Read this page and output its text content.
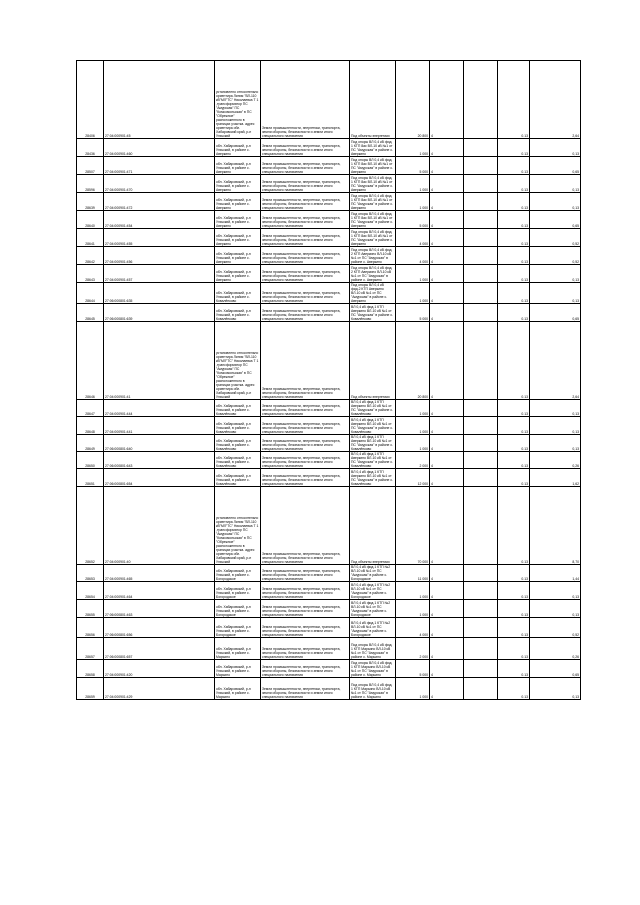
28406	27:04:000901:45	установлено относительно ориентира Линия "ВЛ-110 кВ"МЛ"ТС" Николаевка Т 1 ,трансформатор ПС "Амурская" ПС "Комсомольская" в ПС "Обрежное" расположенного в границах участка. адрес ориентира обл. Хабаровский край, р-н Ульчский	Земли промышленности, энергетики, транспорта, земли обороны, безопасности и земли иного специального назначения	Под объекты энергетики	20 800	4		0.13	2,64
28436	27:04:000901:460	обл. Хабаровский, р-н Ульчский, в районе с. Аверкино	Земли промышленности, энергетики, транспорта, земли обороны, безопасности и земли иного специального назначения	Под опоры ВЛ 0,4 кВ фид. 1 КТП 8ас ВЛ-10 кВ №1 от ПС "Амурская" в районе с. Аверкино	1 000	4		0.13	0,13
28507	27:04:000901:471	обл. Хабаровский, р-н Ульчский, в районе с. Аверкино	Земли промышленности, энергетики, транспорта, земли обороны, безопасности и земли иного специального назначения	Под опоры ВЛ 0,4 кВ фид. 1 КТП 8ас ВЛ-10 кВ №1 от ПС "Амурская" в районе с. Аверкино	5 000	4		0.13	0,65
28596	27:04:000901:470	обл. Хабаровский, р-н Ульчский, в районе с. Аверкино	Земли промышленности, энергетики, транспорта, земли обороны, безопасности и земли иного специального назначения	Под опоры ВЛ 0,4 кВ фид. 1 КТП 8ас ВЛ-10 кВ №1 от ПС "Амурская" в районе с. Аверкино	1 000	4		0.13	0,13
28639	27:04:000901:472	обл. Хабаровский, р-н Ульчский, в районе с. Аверкино	Земли промышленности, энергетики, транспорта, земли обороны, безопасности и земли иного специального назначения	Под опоры ВЛ 0,4 кВ фид. 1 КТП 8ас ВЛ-10 кВ №1 от ПС "Амурская" в районе с. Аверкино	1 000	4		0.13	0,13
28640	27:04:000901:454	обл. Хабаровский, р-н Ульчский, в районе с. Аверкино	Земли промышленности, энергетики, транспорта, земли обороны, безопасности и земли иного специального назначения	Под опоры ВЛ 0,4 кВ фид. 1 КТП 8ас ВЛ-10 кВ №1 от ПС "Амурская" в районе с. Аверкино	5 000	4		0.13	0,65
28641	27:04:000901:455	обл. Хабаровский, р-н Ульчский, в районе с. Аверкино	Земли промышленности, энергетики, транспорта, земли обороны, безопасности и земли иного специального назначения	Под опоры ВЛ 0,4 кВ фид. 1 КТП 8ас ВЛ-10 кВ №1 от ПС "Амурская" в районе с. Аверкино	4 000	4		0.13	0,52
28642	27:04:000901:456	обл. Хабаровский, р-н Ульчский, в районе с. Аверкино	Земли промышленности, энергетики, транспорта, земли обороны, безопасности и земли иного специального назначения	Под опоры ВЛ 0,4 кВ фид. 2 КТП Аверкино ВЛ-10 кВ №1 от ПС "Амурская" в районе с. Аверкино	4 000	4		0.13	0,52
28643	27:04:000901:457	обл. Хабаровский, р-н Ульчский, в районе с. Аверкино	Земли промышленности, энергетики, транспорта, земли обороны, безопасности и земли иного специального назначения	Под опоры ВЛ 0,4 кВ фид. 2 КТП Аверкино ВЛ-10 кВ №1 от ПС "Амурская" в районе с. Аверкино	1 000	4		0.13	0,13
28644	27:06:000801:635	обл. Хабаровский, р-н Ульчский, в районе с. Ковалёнково	Земли промышленности, энергетики, транспорта, земли обороны, безопасности и земли иного специального назначения	Под опоры ВЛ 0,4 кВ фид.2 КТП Аверкино ВЛ-10 кВ №1 от ПС "Амурская" в районе с. Аверкино	1 000	4		0.13	0,13
28645	27:06:000801:639	обл. Хабаровский, р-н Ульчский, в районе с. Ковалёнково	Земли промышленности, энергетики, транспорта, земли обороны, безопасности и земли иного специального назначения	ВЛ 0,4 кВ фид.1 КТП Аверкино ВЛ-10 кВ №1 от ПС "Амурская" в районе с. Ковалёнково	5 000	4		0.13	0,65
28646	27:04:000901:41	установлено относительно ориентира Линия "ВЛ-110 кВ"МЛ"ТС" Николаевка Т 1 ,трансформатор ПС "Амурская" ПС "Комсомольская" в ПС "Обрежное" расположенного в границах участка. адрес ориентира обл. Хабаровский край, р-н Ульчский	Земли промышленности, энергетики, транспорта, земли обороны, безопасности и земли иного специального назначения	Под объекты энергетики	20 800	4		0.13	2,64
28647	27:04:000901:444	обл. Хабаровский, р-н Ульчский, в районе с. Ковалёнково	Земли промышленности, энергетики, транспорта, земли обороны, безопасности и земли иного специального назначения	ВЛ 0,4 кВ фид.1 КТП Аверкино ВЛ-10 кВ №1 от ПС "Амурская" в районе с. Ковалёнково	1 000	4		0.13	0,13
28648	27:04:000901:441	обл. Хабаровский, р-н Ульчский, в районе с. Ковалёнково	Земли промышленности, энергетики, транспорта, земли обороны, безопасности и земли иного специального назначения	ВЛ 0,4 кВ фид.1 КТП Аверкино ВЛ-10 кВ №1 от ПС "Амурская" в районе с. Ковалёнково	1 000	4		0.13	0,13
28649	27:06:000801:640	обл. Хабаровский, р-н Ульчский, в районе с. Ковалёнково	Земли промышленности, энергетики, транспорта, земли обороны, безопасности и земли иного специального назначения	ВЛ 0,4 кВ фид.1 КТП Аверкино ВЛ-10 кВ №1 от ПС "Амурская" в районе с. Ковалёнково	1 000	4		0.13	0,13
28650	27:06:000801:643	обл. Хабаровский, р-н Ульчский, в районе с. Ковалёнково	Земли промышленности, энергетики, транспорта, земли обороны, безопасности и земли иного специального назначения	ВЛ 0,4 кВ фид.1 КТП Аверкино ВЛ-10 кВ №1 от ПС "Амурская" в районе с. Ковалёнково	2 000	4		0.13	0,26
28651	27:06:000801:654	обл. Хабаровский, р-н Ульчский, в районе с. Ковалёнково	Земли промышленности, энергетики, транспорта, земли обороны, безопасности и земли иного специального назначения	ВЛ 0,4 кВ фид.1 КТП Аверкино ВЛ-10 кВ №1 от ПС "Амурская" в районе с. Ковалёнково	12 000	4		0.13	1,62
28652	27:04:000901:40	установлено относительно ориентира Линия "ВЛ-110 кВ"МЛ"ТС" Николаевка Т 1 ,трансформатор ПС "Амурская" ПС "Комсомольская" в ПС "Обрежное" расположенного в границах участка. адрес ориентира обл. Хабаровский край, р-н Ульчский	Земли промышленности, энергетики, транспорта, земли обороны, безопасности и земли иного специального назначения	Под объекты энергетики	70 000	4		0.13	8,70
28653	27:04:000901:465	обл. Хабаровский, р-н Ульчский, в районе с. Богородское	Земли промышленности, энергетики, транспорта, земли обороны, безопасности и земли иного специального назначения	ВЛ 0,4 кВ фид.1 КТП №2 ВЛ-10 кВ №1 от ПС "Амурская" в районе с. Богородское	11 000	4		0.13	1,44
28654	27:04:000901:464	обл. Хабаровский, р-н Ульчский, в районе с. Богородское	Земли промышленности, энергетики, транспорта, земли обороны, безопасности и земли иного специального назначения	ВЛ 0,4 кВ фид.1 КТП №2 ВЛ-10 кВ №1 от ПС "Амурская" в районе с. Богородское	1 000	4		0.13	0,13
28655	27:06:000801:463	обл. Хабаровский, р-н Ульчский, в районе с. Богородское	Земли промышленности, энергетики, транспорта, земли обороны, безопасности и земли иного специального назначения	ВЛ 0,4 кВ фид.1 КТП №2 ВЛ-10 кВ №1 от ПС "Амурская" в районе с. Богородское	1 000	4		0.13	0,13
28656	27:06:000801:656	обл. Хабаровский, р-н Ульчский, в районе с. Богородское	Земли промышленности, энергетики, транспорта, земли обороны, безопасности и земли иного специального назначения	ВЛ 0,4 кВ фид.1 КТП №2 ВЛ-10 кВ №1 от ПС "Амурская" в районе с. Богородское	4 000	4		0.13	0,52
28657	27:06:000801:657	обл. Хабаровский, р-н Ульчский, в районе с. Марьино	Земли промышленности, энергетики, транспорта, земли обороны, безопасности и земли иного специального назначения	Под опоры ВЛ 0,4 кВ фид. 1 КТП Марьино ВЛ-10 кВ №1 от ПС "Амурская" в районе с. Марьино	2 000	4		0.13	0,26
28658	27:04:000901:420	обл. Хабаровский, р-н Ульчский, в районе с. Марьино	Земли промышленности, энергетики, транспорта, земли обороны, безопасности и земли иного специального назначения	Под опоры ВЛ 0,4 кВ фид. 1 КТП Марьино ВЛ-10 кВ №1 от ПС "Амурская" в районе с. Марьино	5 000	4		0.13	0,65
28659	27:04:000901:429	обл. Хабаровский, р-н Ульчский, в районе с. Марьино	Земли промышленности, энергетики, транспорта, земли обороны, безопасности и земли иного специального назначения	Под опоры ВЛ 0,4 кВ фид. 1 КТП Марьино ВЛ-10 кВ №1 от ПС "Амурская" в районе с. Марьино	1 000	4		0.13	0,13
